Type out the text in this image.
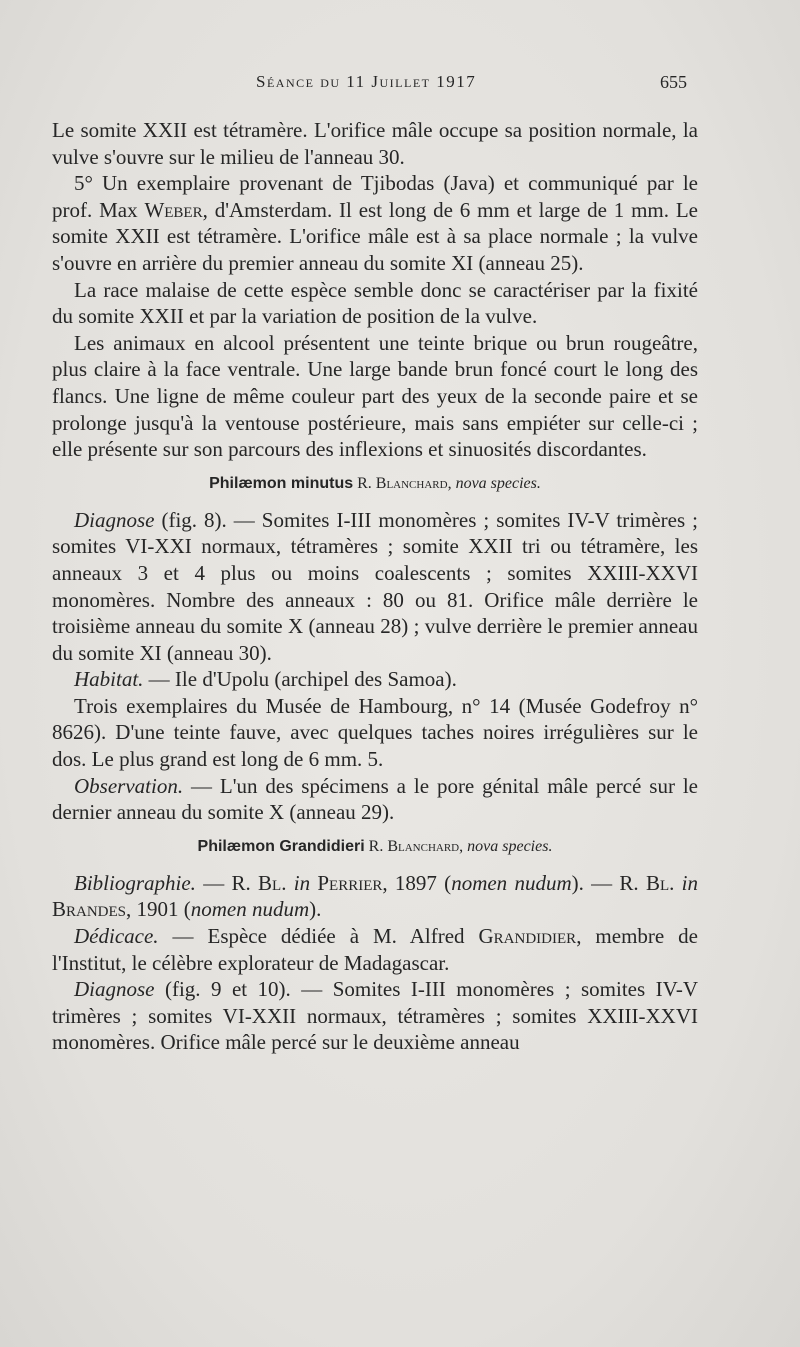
Séance du 11 Juillet 1917	655

Le somite XXII est tétramère. L'orifice mâle occupe sa position normale, la vulve s'ouvre sur le milieu de l'anneau 30.

5° Un exemplaire provenant de Tjibodas (Java) et communiqué par le prof. Max Weber, d'Amsterdam. Il est long de 6 mm et large de 1 mm. Le somite XXII est tétramère. L'orifice mâle est à sa place normale ; la vulve s'ouvre en arrière du premier anneau du somite XI (anneau 25).

La race malaise de cette espèce semble donc se caractériser par la fixité du somite XXII et par la variation de position de la vulve.

Les animaux en alcool présentent une teinte brique ou brun rougeâtre, plus claire à la face ventrale. Une large bande brun foncé court le long des flancs. Une ligne de même couleur part des yeux de la seconde paire et se prolonge jusqu'à la ventouse postérieure, mais sans empiéter sur celle-ci ; elle présente sur son parcours des inflexions et sinuosités discordantes.

Philæmon minutus R. Blanchard, nova species.

Diagnose (fig. 8). — Somites I-III monomères ; somites IV-V trimères ; somites VI-XXI normaux, tétramères ; somite XXII tri ou tétramère, les anneaux 3 et 4 plus ou moins coalescents ; somites XXIII-XXVI monomères. Nombre des anneaux : 80 ou 81. Orifice mâle derrière le troisième anneau du somite X (anneau 28) ; vulve derrière le premier anneau du somite XI (anneau 30).

Habitat. — Ile d'Upolu (archipel des Samoa).

Trois exemplaires du Musée de Hambourg, n° 14 (Musée Godefroy n° 8626). D'une teinte fauve, avec quelques taches noires irrégulières sur le dos. Le plus grand est long de 6 mm. 5.

Observation. — L'un des spécimens a le pore génital mâle percé sur le dernier anneau du somite X (anneau 29).

Philæmon Grandidieri R. Blanchard, nova species.

Bibliographie. — R. Bl. in Perrier, 1897 (nomen nudum). — R. Bl. in Brandes, 1901 (nomen nudum).

Dédicace. — Espèce dédiée à M. Alfred Grandidier, membre de l'Institut, le célèbre explorateur de Madagascar.

Diagnose (fig. 9 et 10). — Somites I-III monomères ; somites IV-V trimères ; somites VI-XXII normaux, tétramères ; somites XXIII-XXVI monomères. Orifice mâle percé sur le deuxième anneau
